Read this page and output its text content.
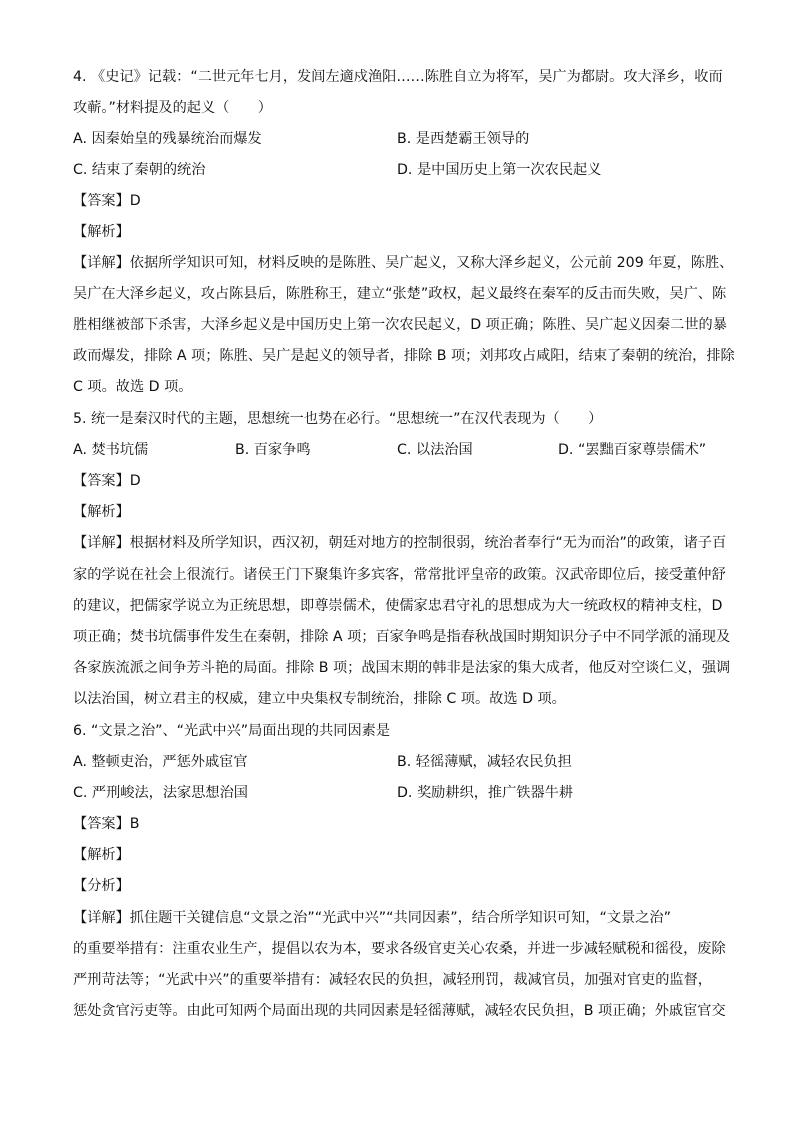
4. 《史记》记载：“二世元年七月，发闾左適戍渔阳……陈胜自立为将军，吴广为都尉。攻大泽乡，收而
攻蕲。”材料提及的起义（　　）
A. 因秦始皇的残暴统治而爆发	B. 是西楚霸王领导的
C. 结束了秦朝的统治	D. 是中国历史上第一次农民起义
【答案】D
【解析】
【详解】依据所学知识可知，材料反映的是陈胜、吴广起义，又称大泽乡起义，公元前 209 年夏，陈胜、
吴广在大泽乡起义，攻占陈县后，陈胜称王，建立“张楚”政权，起义最终在秦军的反击而失败，吴广、陈
胜相继被部下杀害，大泽乡起义是中国历史上第一次农民起义，D 项正确；陈胜、吴广起义因秦二世的暴
政而爆发，排除 A 项；陈胜、吴广是起义的领导者，排除 B 项；刘邦攻占咸阳，结束了秦朝的统治，排除
C 项。故选 D 项。
5. 统一是秦汉时代的主题，思想统一也势在必行。“思想统一”在汉代表现为（　　）
A. 焚书坑儒	B. 百家争鸣	C. 以法治国	D. “罢黜百家尊崇儒术”
【答案】D
【解析】
【详解】根据材料及所学知识，西汉初，朝廷对地方的控制很弱，统治者奉行“无为而治”的政策，诸子百
家的学说在社会上很流行。诸侯王门下聚集许多宾客，常常批评皇帝的政策。汉武帝即位后，接受董仲舒
的建议，把儒家学说立为正统思想，即尊崇儒术，使儒家忠君守礼的思想成为大一统政权的精神支柱，D
项正确；焚书坑儒事件发生在秦朝，排除 A 项；百家争鸣是指春秋战国时期知识分子中不同学派的涌现及
各家族流派之间争芳斗艳的局面。排除 B 项；战国末期的韩非是法家的集大成者，他反对空谈仁义，强调
以法治国，树立君主的权威，建立中央集权专制统治，排除 C 项。故选 D 项。
6. “文景之治”、“光武中兴”局面出现的共同因素是
A. 整顿吏治，严惩外戚宦官	B. 轻徭薄赋，减轻农民负担
C. 严刑峻法，法家思想治国	D. 奖励耕织，推广铁器牛耕
【答案】B
【解析】
【分析】
【详解】抓住题干关键信息“文景之治”“光武中兴”“共同因素”，结合所学知识可知，“文景之治”
的重要举措有：注重农业生产，提倡以农为本，要求各级官吏关心农桑，并进一步减轻赋税和徭役，废除
严刑苛法等；“光武中兴”的重要举措有：减轻农民的负担，减轻刑罚，裁减官员，加强对官吏的监督，
惩处贪官污吏等。由此可知两个局面出现的共同因素是轻徭薄赋，减轻农民负担，B 项正确；外戚宦官交
